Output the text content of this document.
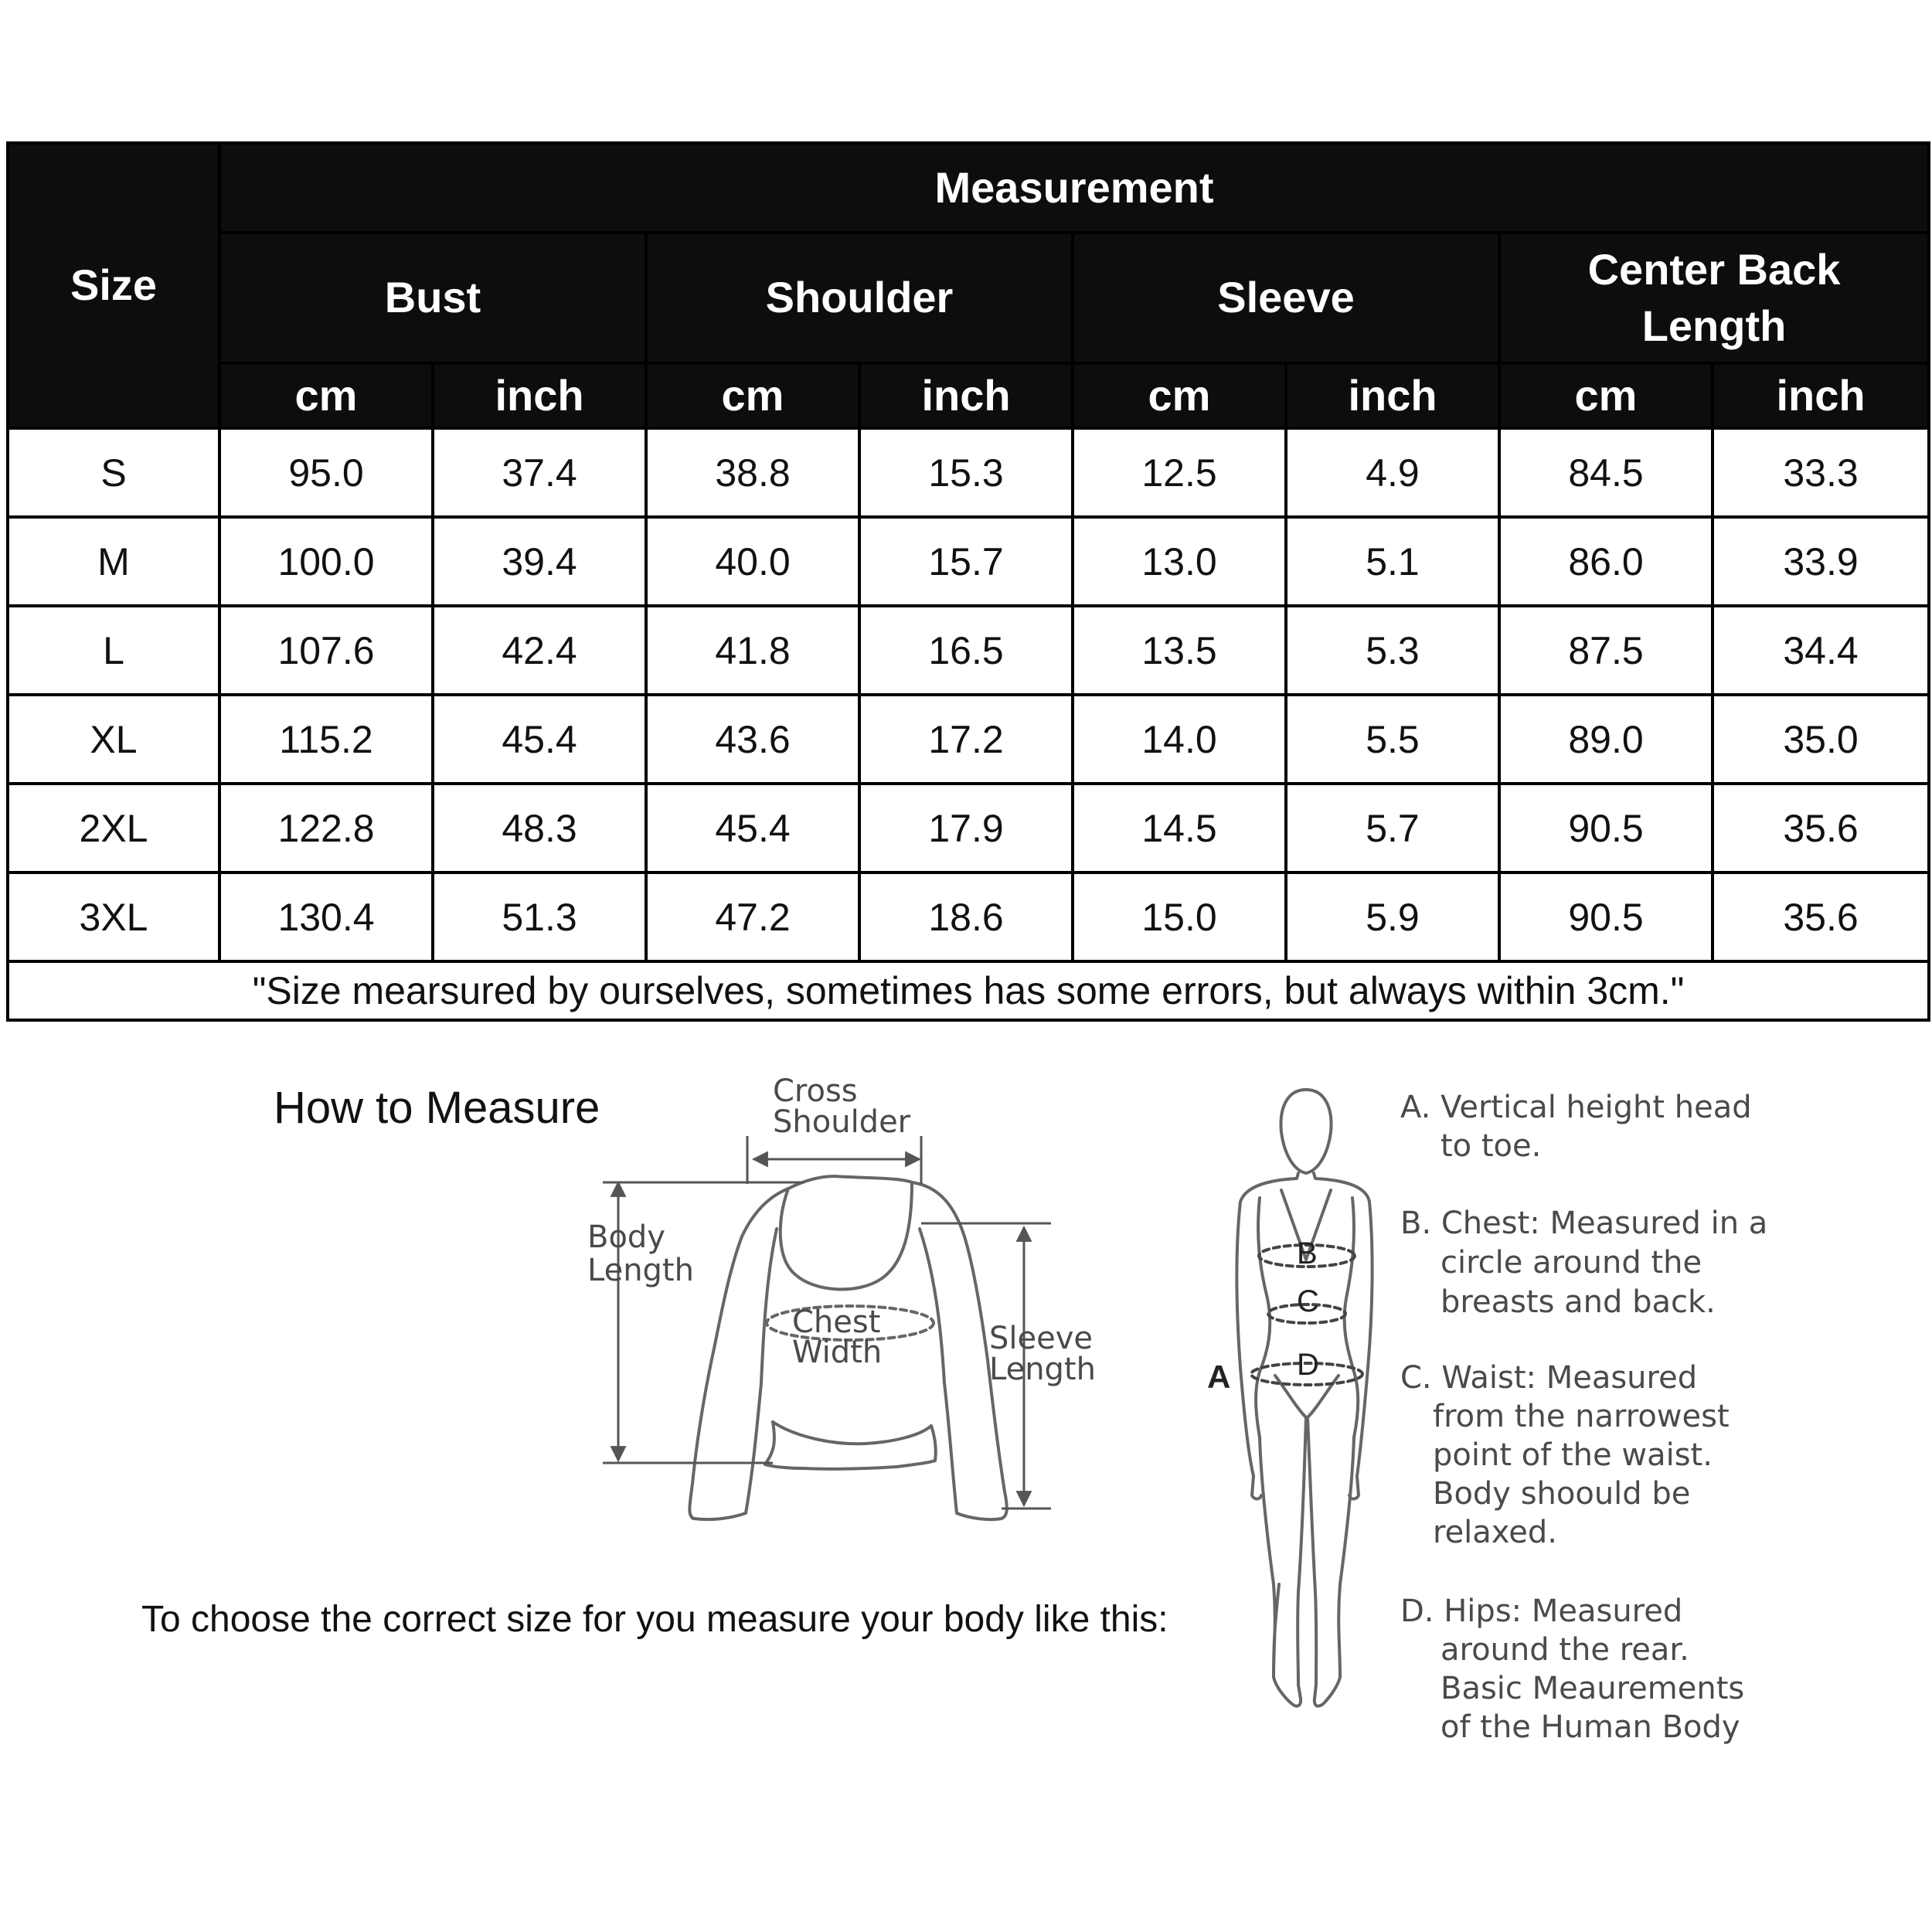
Size	Measurement							
	Bust		Shoulder		Sleeve		Center Back Length	
	cm	inch	cm	inch	cm	inch	cm	inch
S	95.0	37.4	38.8	15.3	12.5	4.9	84.5	33.3
M	100.0	39.4	40.0	15.7	13.0	5.1	86.0	33.9
L	107.6	42.4	41.8	16.5	13.5	5.3	87.5	34.4
XL	115.2	45.4	43.6	17.2	14.0	5.5	89.0	35.0
2XL	122.8	48.3	45.4	17.9	14.5	5.7	90.5	35.6
3XL	130.4	51.3	47.2	18.6	15.0	5.9	90.5	35.6
"Size mearsured by ourselves, sometimes has some errors, but always within 3cm."								
How to Measure
To choose the correct size for you measure your body like this:
Cross
Shoulder
Body
Length
Chest
Width	Sleeve
Length	A
B
C
D
A. Vertical height head
to toe.
B. Chest: Measured in a
circle around the
breasts and back.
C. Waist: Measured
from the narrowest
point of the waist.
Body shoould be
relaxed.
D. Hips: Measured
around the rear.
Basic Meaurements
of the Human Body
